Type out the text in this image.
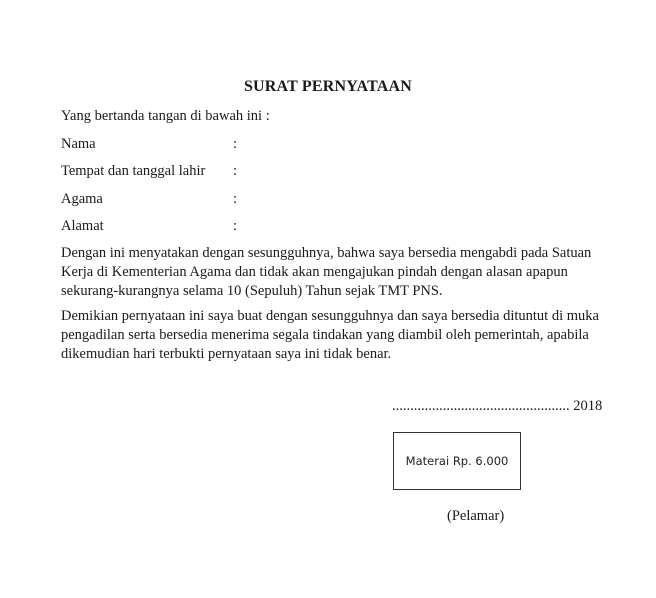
SURAT PERNYATAAN
Yang bertanda tangan di bawah ini :
Nama	:
Tempat dan tanggal lahir :
Agama	:
Alamat	:

Dengan ini menyatakan dengan sesungguhnya, bahwa saya bersedia mengabdi pada Satuan Kerja di Kementerian Agama dan tidak akan mengajukan pindah dengan alasan apapun sekurang-kurangnya selama 10 (Sepuluh) Tahun sejak TMT PNS.

Demikian pernyataan ini saya buat dengan sesungguhnya dan saya bersedia dituntut di muka pengadilan serta bersedia menerima segala tindakan yang diambil oleh pemerintah, apabila dikemudian hari terbukti pernyataan saya ini tidak benar.

................................................. 2018
Materai Rp. 6.000
(Pelamar)
